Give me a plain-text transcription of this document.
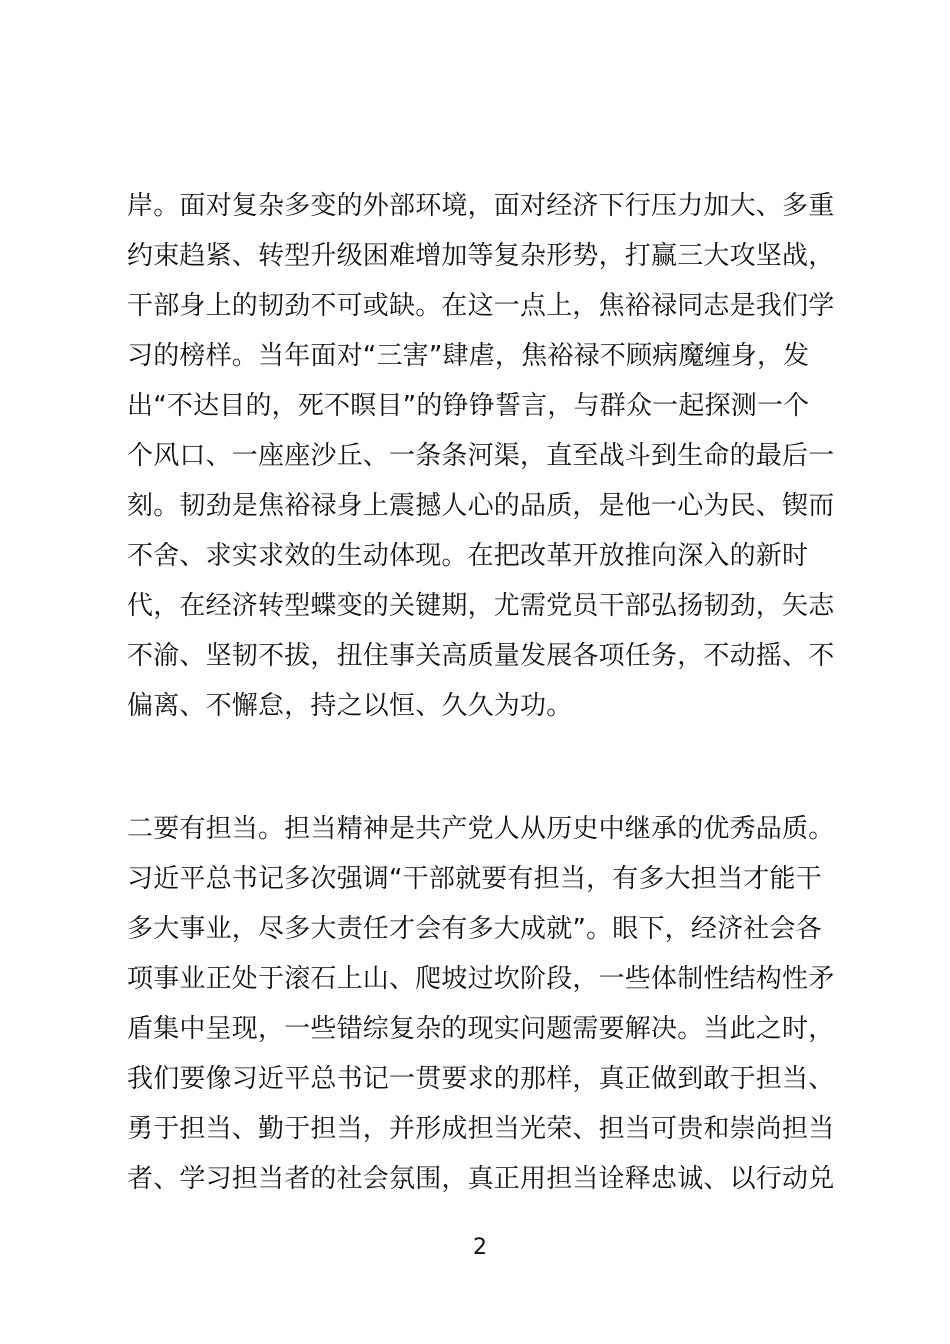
岸。面对复杂多变的外部环境，面对经济下行压力加大、多重
约束趋紧、转型升级困难增加等复杂形势，打赢三大攻坚战，
干部身上的韧劲不可或缺。在这一点上，焦裕禄同志是我们学
习的榜样。当年面对“三害”肆虐，焦裕禄不顾病魔缠身，发
出“不达目的，死不瞑目”的铮铮誓言，与群众一起探测一个
个风口、一座座沙丘、一条条河渠，直至战斗到生命的最后一
刻。韧劲是焦裕禄身上震撼人心的品质，是他一心为民、锲而
不舍、求实求效的生动体现。在把改革开放推向深入的新时
代，在经济转型蝶变的关键期，尤需党员干部弘扬韧劲，矢志
不渝、坚韧不拔，扭住事关高质量发展各项任务，不动摇、不
偏离、不懈怠，持之以恒、久久为功。
二要有担当。担当精神是共产党人从历史中继承的优秀品质。
习近平总书记多次强调“干部就要有担当，有多大担当才能干
多大事业，尽多大责任才会有多大成就”。眼下，经济社会各
项事业正处于滚石上山、爬坡过坎阶段，一些体制性结构性矛
盾集中呈现，一些错综复杂的现实问题需要解决。当此之时，
我们要像习近平总书记一贯要求的那样，真正做到敢于担当、
勇于担当、勤于担当，并形成担当光荣、担当可贵和崇尚担当
者、学习担当者的社会氛围，真正用担当诠释忠诚、以行动兑
2
